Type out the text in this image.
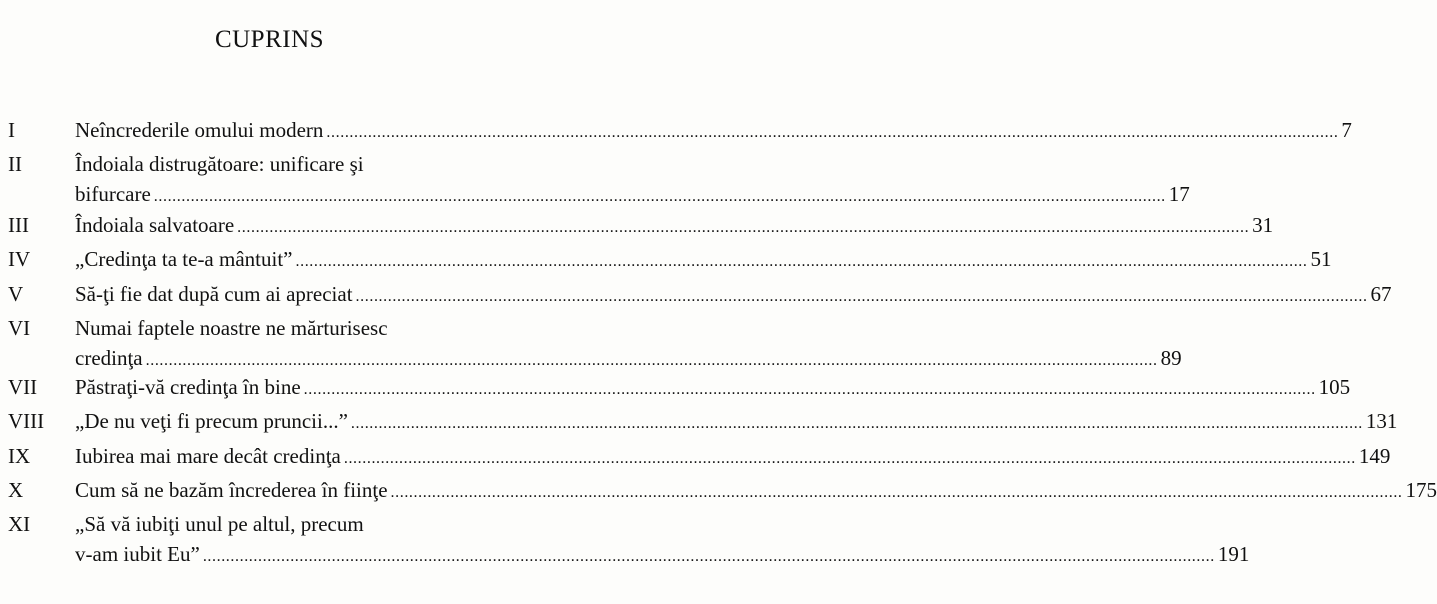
CUPRINS
I	Neîncrederile omului modern ............................................................................................................................................................................................................................ 7
II	Îndoiala distrugătoare: unificare şi
bifurcare ............................................................................................................................................................................................................................ 17
III Îndoiala salvatoare ............................................................................................................................................................................................................................ 31
IV „Credinţa ta te-a mântuit” ............................................................................................................................................................................................................................ 51
V Să-ţi fie dat după cum ai apreciat ............................................................................................................................................................................................................................ 67
VI Numai faptele noastre ne mărturisesc
credinţa ............................................................................................................................................................................................................................ 89
VII Păstraţi-vă credinţa în bine ............................................................................................................................................................................................................................ 105
VIII „De nu veţi fi precum pruncii...” ............................................................................................................................................................................................................................ 131
IX Iubirea mai mare decât credinţa ............................................................................................................................................................................................................................ 149
X Cum să ne bazăm încrederea în fiinţe ............................................................................................................................................................................................................................ 175
XI „Să vă iubiţi unul pe altul, precum
v-am iubit Eu” ............................................................................................................................................................................................................................ 191
